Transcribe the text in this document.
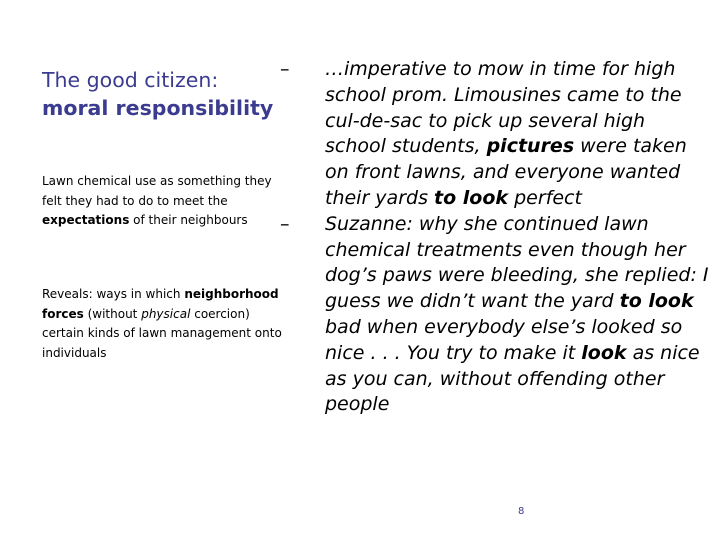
The good citizen:
moral responsibility
Lawn chemical use as something they felt they had to do to meet the expectations of their neighbours
Reveals: ways in which neighborhood forces (without physical coercion) certain kinds of lawn management onto individuals
– …imperative to mow in time for high school prom. Limousines came to the cul-de-sac to pick up several high school students, pictures were taken on front lawns, and everyone wanted their yards to look perfect
– Suzanne: why she continued lawn chemical treatments even though her dog’s paws were bleeding, she replied: I guess we didn’t want the yard to look bad when everybody else’s looked so nice . . . You try to make it look as nice as you can, without offending other people
8
